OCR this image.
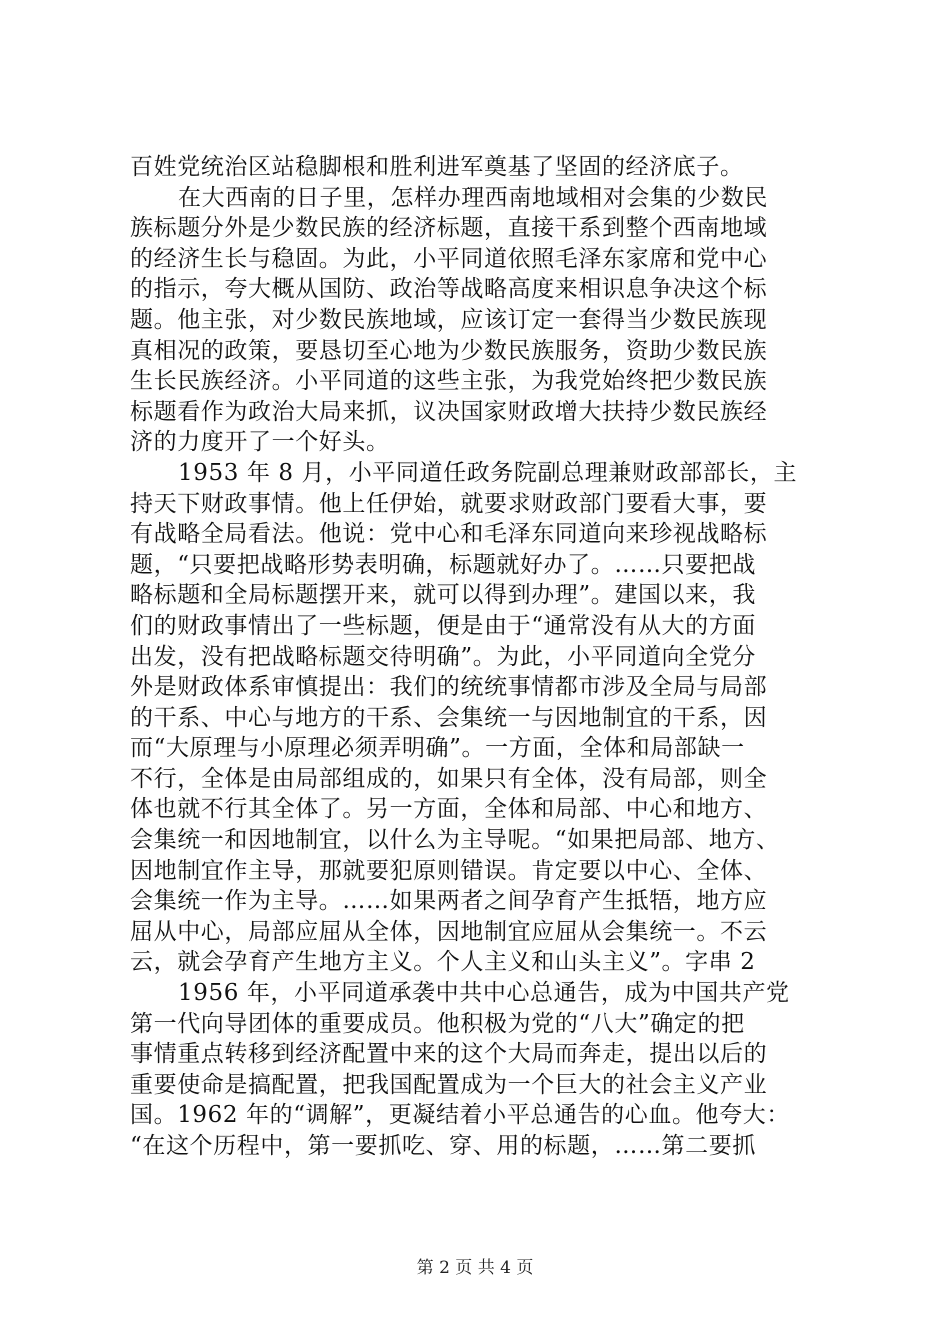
百姓党统治区站稳脚根和胜利进军奠基了坚固的经济底子。
在大西南的日子里，怎样办理西南地域相对会集的少数民
族标题分外是少数民族的经济标题，直接干系到整个西南地域
的经济生长与稳固。为此，小平同道依照毛泽东家席和党中心
的指示，夸大概从国防、政治等战略高度来相识息争决这个标
题。他主张，对少数民族地域，应该订定一套得当少数民族现
真相况的政策，要恳切至心地为少数民族服务，资助少数民族
生长民族经济。小平同道的这些主张，为我党始终把少数民族
标题看作为政治大局来抓，议决国家财政增大扶持少数民族经
济的力度开了一个好头。
1953 年 8 月，小平同道任政务院副总理兼财政部部长，主
持天下财政事情。他上任伊始，就要求财政部门要看大事，要
有战略全局看法。他说：党中心和毛泽东同道向来珍视战略标
题，“只要把战略形势表明确，标题就好办了。……只要把战
略标题和全局标题摆开来，就可以得到办理”。建国以来，我
们的财政事情出了一些标题，便是由于“通常没有从大的方面
出发，没有把战略标题交待明确”。为此，小平同道向全党分
外是财政体系审慎提出：我们的统统事情都市涉及全局与局部
的干系、中心与地方的干系、会集统一与因地制宜的干系，因
而“大原理与小原理必须弄明确”。一方面，全体和局部缺一
不行，全体是由局部组成的，如果只有全体，没有局部，则全
体也就不行其全体了。另一方面，全体和局部、中心和地方、
会集统一和因地制宜，以什么为主导呢。“如果把局部、地方、
因地制宜作主导，那就要犯原则错误。肯定要以中心、全体、
会集统一作为主导。……如果两者之间孕育产生抵牾，地方应
屈从中心，局部应屈从全体，因地制宜应屈从会集统一。不云
云，就会孕育产生地方主义。个人主义和山头主义”。字串 2
1956 年，小平同道承袭中共中心总通告，成为中国共产党
第一代向导团体的重要成员。他积极为党的“八大”确定的把
事情重点转移到经济配置中来的这个大局而奔走，提出以后的
重要使命是搞配置，把我国配置成为一个巨大的社会主义产业
国。1962 年的“调解”，更凝结着小平总通告的心血。他夸大：
“在这个历程中，第一要抓吃、穿、用的标题，……第二要抓
第 2 页 共 4 页
